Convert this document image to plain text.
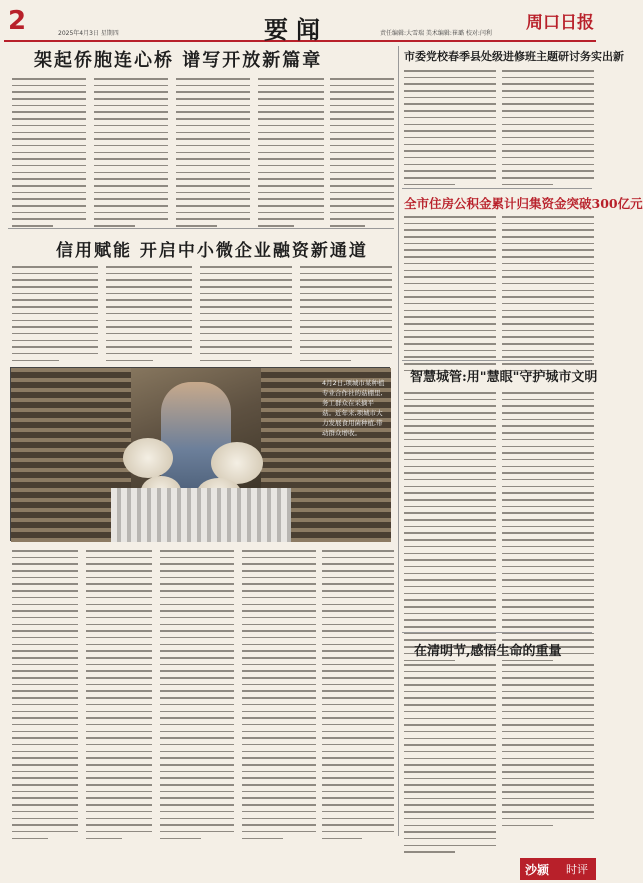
2	2025年4月3日 星期四	要闻	责任编辑:大雪瑞 美术编辑:崔璐 校对:闫利
周口日报
架起侨胞连心桥 谱写开放新篇章
信用赋能 开启中小微企业融资新通道
4月2日,项城市某种植专业合作社的菇棚里,务工群众在采摘平菇。近年来,项城市大力发展食用菌种植,带动群众增收。
市委党校春季县处级进修班主题研讨务实出新
全市住房公积金累计归集资金突破300亿元
智慧城管:用"慧眼"守护城市文明
在清明节,感悟生命的重量
沙颍 时评
